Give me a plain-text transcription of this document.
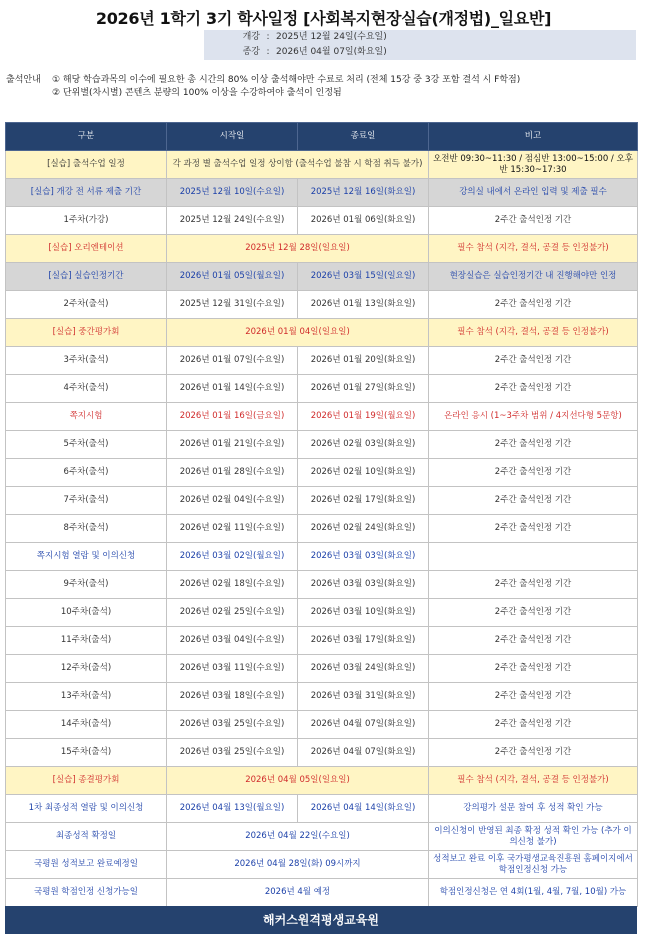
2026년 1학기 3기 학사일정 [사회복지현장실습(개정법)_일요반]
개강 : 2025년 12월 24일(수요일)
종강 : 2026년 04월 07일(화요일)
출석안내 ① 해당 학습과목의 이수에 필요한 총 시간의 80% 이상 출석해야만 수료로 처리 (전체 15강 중 3강 포함 결석 시 F학점)
② 단위별(차시별) 콘텐츠 분량의 100% 이상을 수강하여야 출석이 인정됨
구분	시작일	종료일	비고
[실습] 출석수업 일정	각 과정 별 출석수업 일정 상이함 (출석수업 불참 시 학점 취득 불가)		오전반 09:30~11:30 / 점심반 13:00~15:00 / 오후반 15:30~17:30
[실습] 개강 전 서류 제출 기간	2025년 12월 10일(수요일)	2025년 12월 16일(화요일)	강의실 내에서 온라인 입력 및 제출 필수
1주차(가강)	2025년 12월 24일(수요일)	2026년 01월 06일(화요일)	2주간 출석인정 기간
[실습] 오리엔테이션	2025년 12월 28일(일요일)		필수 참석 (지각, 결석, 공결 등 인정불가)
[실습] 실습인정기간	2026년 01월 05일(월요일)	2026년 03월 15일(일요일)	현장실습은 실습인정기간 내 진행해야만 인정
2주차(출석)	2025년 12월 31일(수요일)	2026년 01월 13일(화요일)	2주간 출석인정 기간
[실습] 중간평가회	2026년 01월 04일(일요일)		필수 참석 (지각, 결석, 공결 등 인정불가)
3주차(출석)	2026년 01월 07일(수요일)	2026년 01월 20일(화요일)	2주간 출석인정 기간
4주차(출석)	2026년 01월 14일(수요일)	2026년 01월 27일(화요일)	2주간 출석인정 기간
쪽지시험	2026년 01월 16일(금요일)	2026년 01월 19일(월요일)	온라인 응시 (1~3주차 범위 / 4지선다형 5문항)
5주차(출석)	2026년 01월 21일(수요일)	2026년 02월 03일(화요일)	2주간 출석인정 기간
6주차(출석)	2026년 01월 28일(수요일)	2026년 02월 10일(화요일)	2주간 출석인정 기간
7주차(출석)	2026년 02월 04일(수요일)	2026년 02월 17일(화요일)	2주간 출석인정 기간
8주차(출석)	2026년 02월 11일(수요일)	2026년 02월 24일(화요일)	2주간 출석인정 기간
쪽지시험 열람 및 이의신청	2026년 03월 02일(월요일)	2026년 03월 03일(화요일)	
9주차(출석)	2026년 02월 18일(수요일)	2026년 03월 03일(화요일)	2주간 출석인정 기간
10주차(출석)	2026년 02월 25일(수요일)	2026년 03월 10일(화요일)	2주간 출석인정 기간
11주차(출석)	2026년 03월 04일(수요일)	2026년 03월 17일(화요일)	2주간 출석인정 기간
12주차(출석)	2026년 03월 11일(수요일)	2026년 03월 24일(화요일)	2주간 출석인정 기간
13주차(출석)	2026년 03월 18일(수요일)	2026년 03월 31일(화요일)	2주간 출석인정 기간
14주차(출석)	2026년 03월 25일(수요일)	2026년 04월 07일(화요일)	2주간 출석인정 기간
15주차(출석)	2026년 03월 25일(수요일)	2026년 04월 07일(화요일)	2주간 출석인정 기간
[실습] 종결평가회	2026년 04월 05일(일요일)		필수 참석 (지각, 결석, 공결 등 인정불가)
1차 최종성적 열람 및 이의신청	2026년 04월 13일(월요일)	2026년 04월 14일(화요일)	강의평가 설문 참여 후 성적 확인 가능
최종성적 확정일	2026년 04월 22일(수요일)		이의신청이 반영된 최종 확정 성적 확인 가능 (추가 이의신청 불가)
국평원 성적보고 완료예정일	2026년 04월 28일(화) 09시까지		성적보고 완료 이후 국가평생교육진흥원 홈페이지에서 학점인정신청 가능
국평원 학점인정 신청가능일	2026년 4월 예정		학점인정신청은 연 4회(1월, 4월, 7월, 10월) 가능
해커스원격평생교육원
